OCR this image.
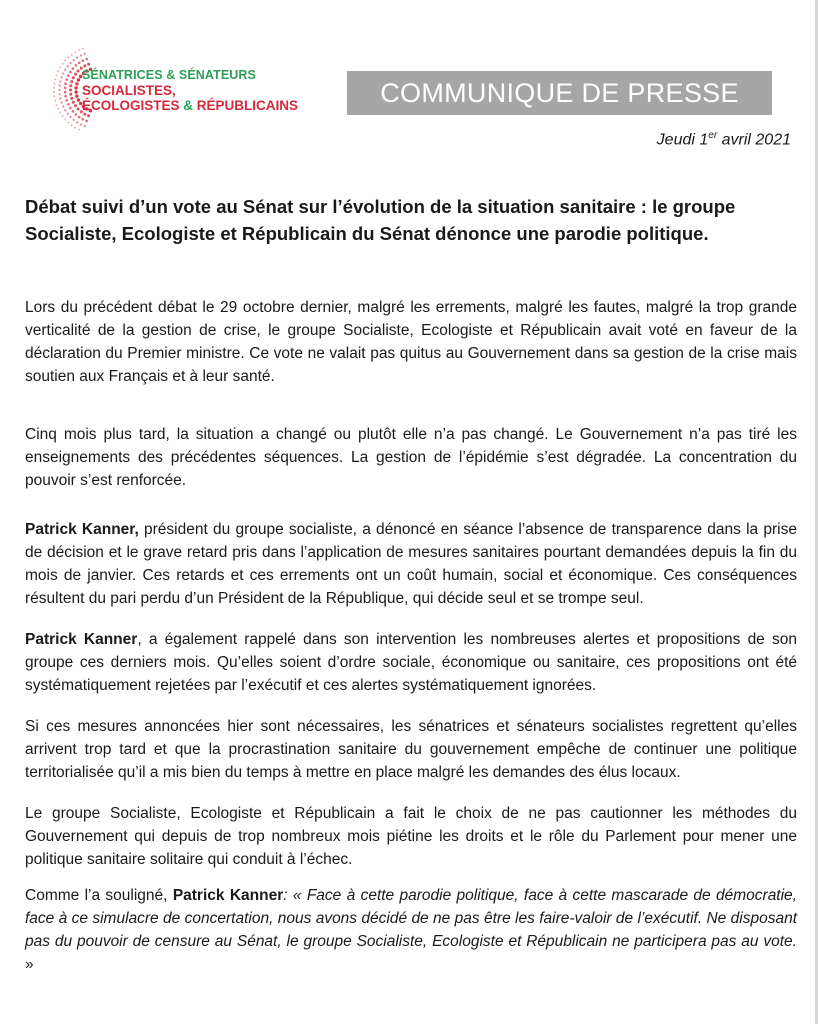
SÉNATRICES & SÉNATEURS
SOCIALISTES,
ÉCOLOGISTES & RÉPUBLICAINS	COMMUNIQUE DE PRESSE
Jeudi 1er avril 2021
Débat suivi d’un vote au Sénat sur l’évolution de la situation sanitaire : le groupe Socialiste, Ecologiste et Républicain du Sénat dénonce une parodie politique.

Lors du précédent débat le 29 octobre dernier, malgré les errements, malgré les fautes, malgré la trop grande verticalité de la gestion de crise, le groupe Socialiste, Ecologiste et Républicain avait voté en faveur de la déclaration du Premier ministre. Ce vote ne valait pas quitus au Gouvernement dans sa gestion de la crise mais soutien aux Français et à leur santé.

Cinq mois plus tard, la situation a changé ou plutôt elle n’a pas changé. Le Gouvernement n’a pas tiré les enseignements des précédentes séquences. La gestion de l’épidémie s’est dégradée. La concentration du pouvoir s’est renforcée.

Patrick Kanner, président du groupe socialiste, a dénoncé en séance l’absence de transparence dans la prise de décision et le grave retard pris dans l’application de mesures sanitaires pourtant demandées depuis la fin du mois de janvier. Ces retards et ces errements ont un coût humain, social et économique. Ces conséquences résultent du pari perdu d’un Président de la République, qui décide seul et se trompe seul.

Patrick Kanner, a également rappelé dans son intervention les nombreuses alertes et propositions de son groupe ces derniers mois. Qu’elles soient d’ordre sociale, économique ou sanitaire, ces propositions ont été systématiquement rejetées par l’exécutif et ces alertes systématiquement ignorées.

Si ces mesures annoncées hier sont nécessaires, les sénatrices et sénateurs socialistes regrettent qu’elles arrivent trop tard et que la procrastination sanitaire du gouvernement empêche de continuer une politique territorialisée qu’il a mis bien du temps à mettre en place malgré les demandes des élus locaux.

Le groupe Socialiste, Ecologiste et Républicain a fait le choix de ne pas cautionner les méthodes du Gouvernement qui depuis de trop nombreux mois piétine les droits et le rôle du Parlement pour mener une politique sanitaire solitaire qui conduit à l’échec.

Comme l’a souligné, Patrick Kanner: « Face à cette parodie politique, face à cette mascarade de démocratie, face à ce simulacre de concertation, nous avons décidé de ne pas être les faire-valoir de l’exécutif. Ne disposant pas du pouvoir de censure au Sénat, le groupe Socialiste, Ecologiste et Républicain ne participera pas au vote. »
